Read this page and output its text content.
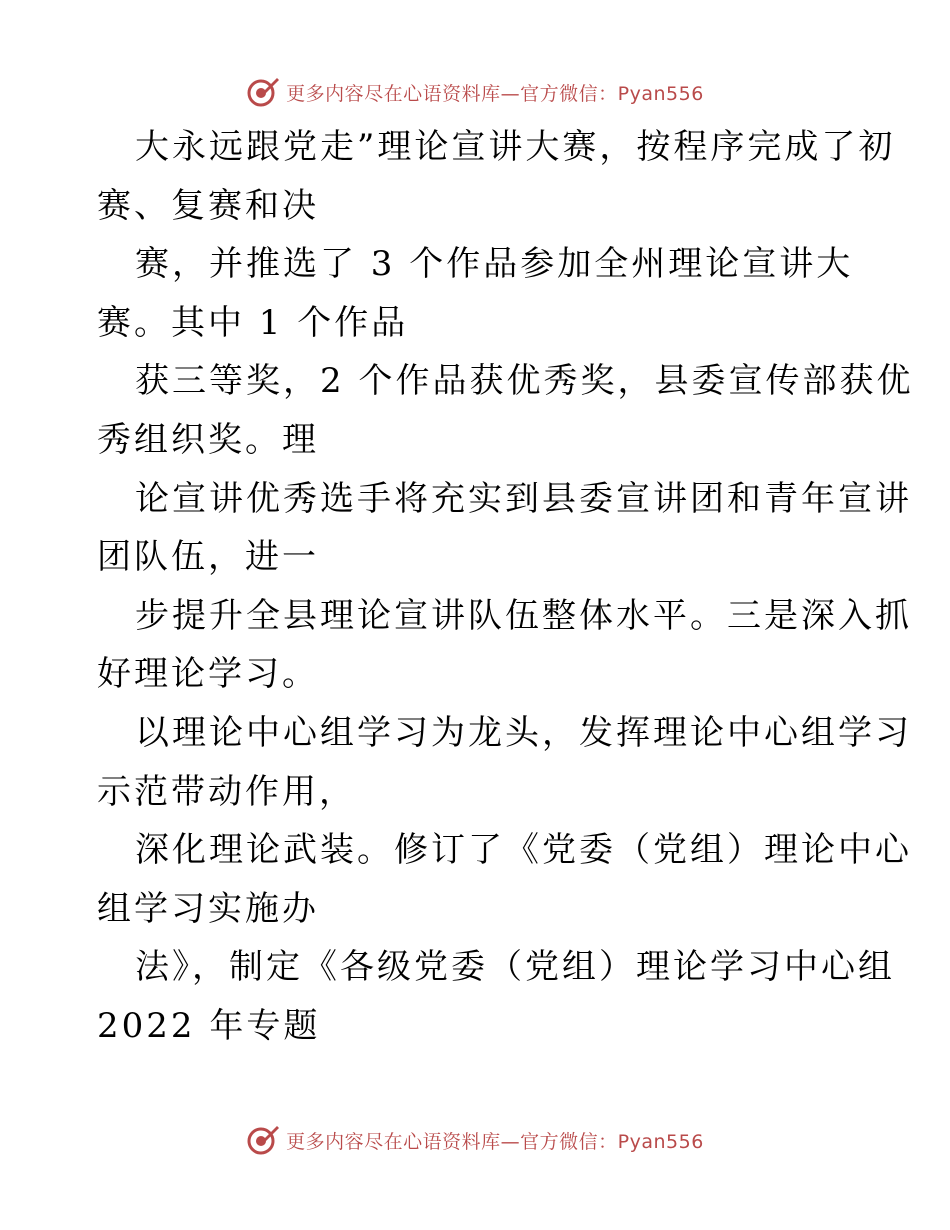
更多内容尽在心语资料库—官方微信：Pyan556
大永远跟党走”理论宣讲大赛，按程序完成了初
赛、复赛和决
赛，并推选了 3 个作品参加全州理论宣讲大
赛。其中 1 个作品
获三等奖，2 个作品获优秀奖，县委宣传部获优
秀组织奖。理
论宣讲优秀选手将充实到县委宣讲团和青年宣讲
团队伍，进一
步提升全县理论宣讲队伍整体水平。三是深入抓
好理论学习。
以理论中心组学习为龙头，发挥理论中心组学习
示范带动作用，
深化理论武装。修订了《党委（党组）理论中心
组学习实施办
法》，制定《各级党委（党组）理论学习中心组
2022 年专题
更多内容尽在心语资料库—官方微信：Pyan556
